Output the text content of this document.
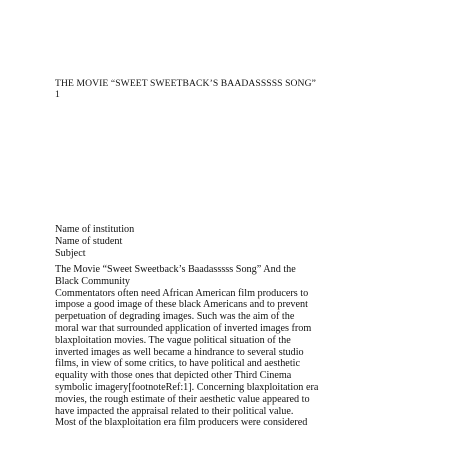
THE MOVIE “SWEET SWEETBACK’S BAADASSSSS SONG”
1
Name of institution
Name of student
Subject
The Movie “Sweet Sweetback’s Baadasssss Song” And the
Black Community
Commentators often need African American film producers to
impose a good image of these black Americans and to prevent
perpetuation of degrading images. Such was the aim of the
moral war that surrounded application of inverted images from
blaxploitation movies. The vague political situation of the
inverted images as well became a hindrance to several studio
films, in view of some critics, to have political and aesthetic
equality with those ones that depicted other Third Cinema
symbolic imagery[footnoteRef:1]. Concerning blaxploitation era
movies, the rough estimate of their aesthetic value appeared to
have impacted the appraisal related to their political value.
Most of the blaxploitation era film producers were considered
